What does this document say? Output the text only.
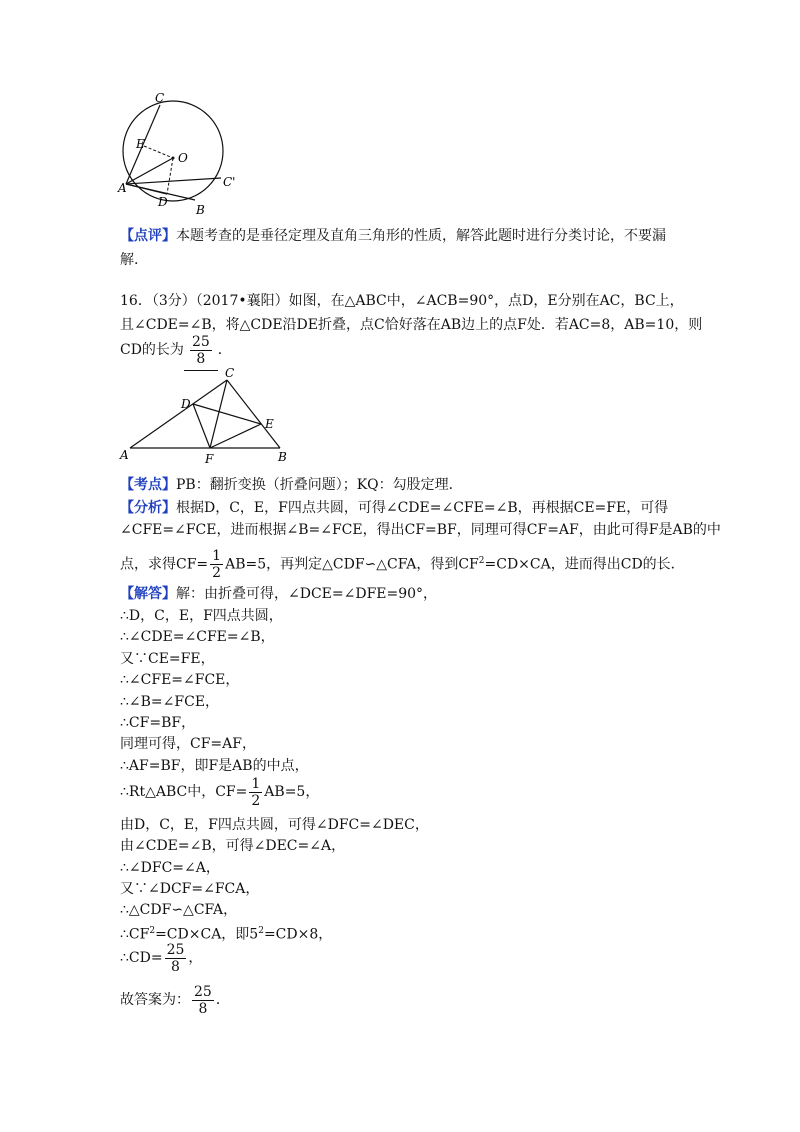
C
E
O
A
D
B
C'
【点评】本题考查的是垂径定理及直角三角形的性质，解答此题时进行分类讨论，不要漏
解.
16．（3分）（2017•襄阳）如图，在△ABC中，∠ACB=90°，点D，E分别在AC，BC上，
且∠CDE=∠B，将△CDE沿DE折叠，点C恰好落在AB边上的点F处．若AC=8，AB=10，则
CD的长为 $\frac{25}{8}$ ．
C
D
E
A	F	B
【考点】PB：翻折变换（折叠问题）；KQ：勾股定理．
【分析】根据D，C，E，F四点共圆，可得∠CDE=∠CFE=∠B，再根据CE=FE，可得
∠CFE=∠FCE，进而根据∠B=∠FCE，得出CF=BF，同理可得CF=AF，由此可得F是AB的中
点，求得$CF= \frac{1}{2} AB=5$，再判定△CDF∽△CFA，得到$CF^2=CD\times CA$，进而得出CD的长．
【解答】解：由折叠可得，∠DCE=∠DFE=90°，
∴D，C，E，F四点共圆，
∴∠CDE=∠CFE=∠B，
又∵CE=FE，
∴∠CFE=∠FCE，
∴∠B=∠FCE，
∴CF=BF，
同理可得，CF=AF，
∴AF=BF，即F是AB的中点，
∴Rt△ABC中，$CF= \frac{1}{2} AB=5$，
由D，C，E，F四点共圆，可得∠DFC=∠DEC，
由∠CDE=∠B，可得∠DEC=∠A，
∴∠DFC=∠A，
又∵∠DCF=∠FCA，
∴△CDF∽△CFA，
$\therefore CF^2=CD\times CA$，即$5^2=CD\times 8$，
∴CD= $\frac{25}{8}$ ，
故答案为： $\frac{25}{8}$ ．
